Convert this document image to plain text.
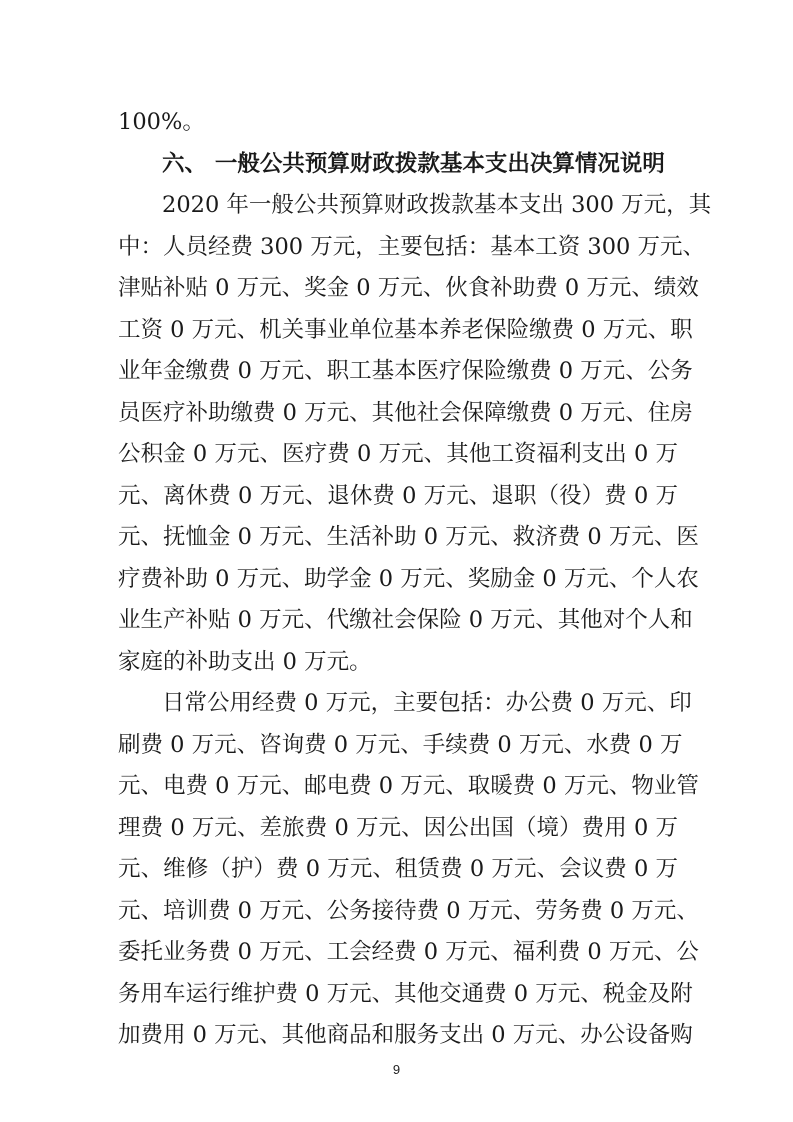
100%。
六、 一般公共预算财政拨款基本支出决算情况说明
2020 年一般公共预算财政拨款基本支出 300 万元，其
中：人员经费 300 万元，主要包括：基本工资 300 万元、
津贴补贴 0 万元、奖金 0 万元、伙食补助费 0 万元、绩效
工资 0 万元、机关事业单位基本养老保险缴费 0 万元、职
业年金缴费 0 万元、职工基本医疗保险缴费 0 万元、公务
员医疗补助缴费 0 万元、其他社会保障缴费 0 万元、住房
公积金 0 万元、医疗费 0 万元、其他工资福利支出 0 万
元、离休费 0 万元、退休费 0 万元、退职（役）费 0 万
元、抚恤金 0 万元、生活补助 0 万元、救济费 0 万元、医
疗费补助 0 万元、助学金 0 万元、奖励金 0 万元、个人农
业生产补贴 0 万元、代缴社会保险 0 万元、其他对个人和
家庭的补助支出 0 万元。
日常公用经费 0 万元，主要包括：办公费 0 万元、印
刷费 0 万元、咨询费 0 万元、手续费 0 万元、水费 0 万
元、电费 0 万元、邮电费 0 万元、取暖费 0 万元、物业管
理费 0 万元、差旅费 0 万元、因公出国（境）费用 0 万
元、维修（护）费 0 万元、租赁费 0 万元、会议费 0 万
元、培训费 0 万元、公务接待费 0 万元、劳务费 0 万元、
委托业务费 0 万元、工会经费 0 万元、福利费 0 万元、公
务用车运行维护费 0 万元、其他交通费 0 万元、税金及附
加费用 0 万元、其他商品和服务支出 0 万元、办公设备购
9
